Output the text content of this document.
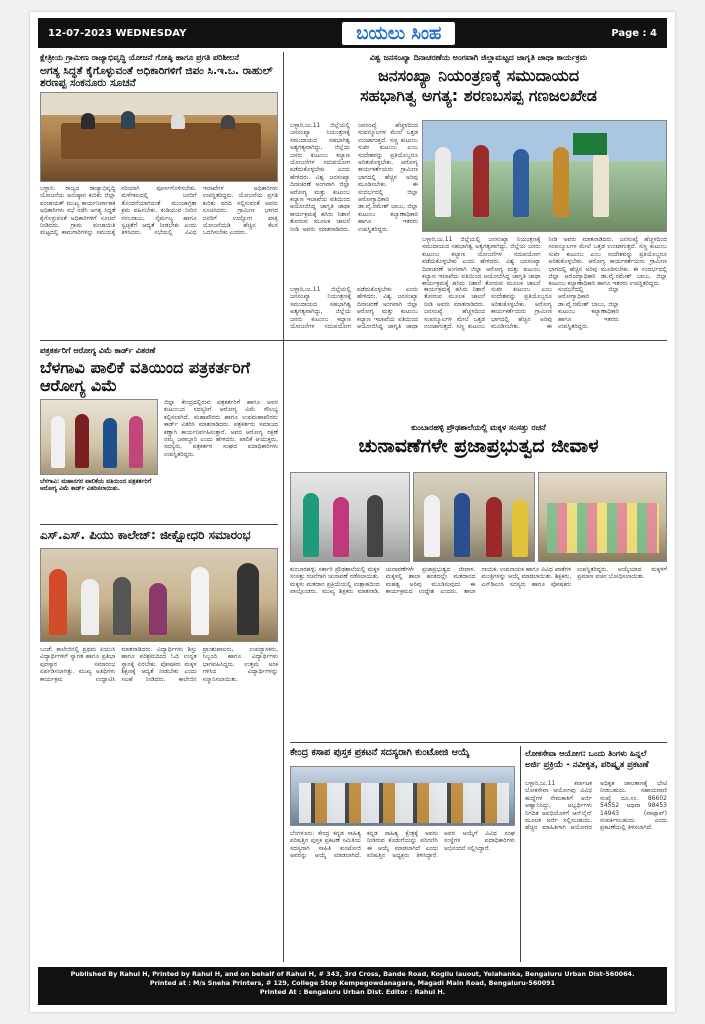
12-07-2023 WEDNESDAY	ಬಯಲು ಸಿಂಹ	Page : 4
ಕ್ಷೇತ್ರೀಯ ಗ್ರಾಮೀಣ ರಾಜ್ಯಾಭಿವೃದ್ಧಿ ಯೋಜನೆ ಗೋಷ್ಠಿ ಹಾಗೂ ಪ್ರಗತಿ ಪರಿಶೀಲನೆ
ಅಗತ್ಯ ಸಿದ್ಧತೆ ಕೈಗೊಳ್ಳುವಂತೆ ಅಧಿಕಾರಿಗಳಿಗೆ ಜಿಪಂ ಸಿ.ಇ.ಒ. ರಾಹುಲ್ ಶರಣಪ್ಪ ಸಂಕನೂರು ಸೂಚನೆ
ಬಳ್ಳಾರಿ: ರಾಜ್ಯದ ರಾಜ್ಯಾಭಿವೃದ್ಧಿ ಯೋಜನೆಯ ಅನುಷ್ಠಾನ ಕುರಿತು ಜಿಲ್ಲಾ ಪಂಚಾಯತ್ ಮುಖ್ಯ ಕಾರ್ಯನಿರ್ವಾಹಕ ಅಧಿಕಾರಿಗಳು ಸಭೆ ನಡೆಸಿ ಅಗತ್ಯ ಸಿದ್ಧತೆ ಕೈಗೊಳ್ಳುವಂತೆ ಅಧಿಕಾರಿಗಳಿಗೆ ಸೂಚನೆ ನೀಡಿದರು. ಗ್ರಾಮ ಪಂಚಾಯಿತಿ ಮಟ್ಟದಲ್ಲಿ ಕಾಮಗಾರಿಗಳನ್ನು ಸಮಯಕ್ಕೆ ಸರಿಯಾಗಿ ಪೂರ್ಣಗೊಳಿಸಬೇಕು. ಮಳೆಗಾಲದಲ್ಲಿ ಜನರಿಗೆ ತೊಂದರೆಯಾಗದಂತೆ ಮುಂಜಾಗ್ರತಾ ಕ್ರಮ ವಹಿಸಬೇಕು. ಕುಡಿಯುವ ನೀರಿನ ಸರಬರಾಜು, ನೈರ್ಮಲ್ಯ ಹಾಗೂ ಸ್ವಚ್ಛತೆಗೆ ಆದ್ಯತೆ ನೀಡಬೇಕು ಎಂದು ತಿಳಿಸಿದರು. ಸಭೆಯಲ್ಲಿ ವಿವಿಧ ಇಲಾಖೆಗಳ ಅಧಿಕಾರಿಗಳು ಉಪಸ್ಥಿತರಿದ್ದರು. ಯೋಜನೆಯ ಪ್ರಗತಿ ಕುರಿತು ವರದಿ ಸಲ್ಲಿಸುವಂತೆ ಅವರು ಸೂಚಿಸಿದರು. ಗ್ರಾಮೀಣ ಭಾಗದ ಜನರಿಗೆ ಉದ್ಯೋಗ ಖಾತ್ರಿ ಯೋಜನೆಯಡಿ ಹೆಚ್ಚಿನ ಕೆಲಸ ಒದಗಿಸಬೇಕು ಎಂದರು.
ವಿಶ್ವ ಜನಸಂಖ್ಯಾ ದಿನಾಚರಣೆಯ ಅಂಗವಾಗಿ ಜಿಲ್ಲಾಮಟ್ಟದ ಜಾಗೃತಿ ಜಾಥಾ ಕಾರ್ಯಕ್ರಮ
ಜನಸಂಖ್ಯಾ ನಿಯಂತ್ರಣಕ್ಕೆ ಸಮುದಾಯದ
ಸಹಭಾಗಿತ್ವ ಅಗತ್ಯ: ಶರಣಬಸಪ್ಪ ಗಣಜಲಖೇಡ
ಬಳ್ಳಾರಿ,ಜು.11 ಜಿಲ್ಲೆಯಲ್ಲಿ ಜನಸಂಖ್ಯಾ ನಿಯಂತ್ರಣಕ್ಕೆ ಸಮುದಾಯದ ಸಹಭಾಗಿತ್ವ ಅತ್ಯಗತ್ಯವಾಗಿದ್ದು, ಜಿಲ್ಲೆಯ ಜನರು ಕುಟುಂಬ ಕಲ್ಯಾಣ ಯೋಜನೆಗಳ ಸದುಪಯೋಗ ಪಡೆದುಕೊಳ್ಳಬೇಕು ಎಂದು ಹೇಳಿದರು. ವಿಶ್ವ ಜನಸಂಖ್ಯಾ ದಿನಾಚರಣೆ ಅಂಗವಾಗಿ ಜಿಲ್ಲಾ ಆರೋಗ್ಯ ಮತ್ತು ಕುಟುಂಬ ಕಲ್ಯಾಣ ಇಲಾಖೆಯ ವತಿಯಿಂದ ಆಯೋಜಿಸಿದ್ದ ಜಾಗೃತಿ ಜಾಥಾ ಕಾರ್ಯಕ್ರಮಕ್ಕೆ ಹಸಿರು ನಿಶಾನೆ ತೋರುವ ಮೂಲಕ ಚಾಲನೆ ನೀಡಿ ಅವರು ಮಾತನಾಡಿದರು. ಜನಸಂಖ್ಯೆ ಹೆಚ್ಚಳದಿಂದ ಸಂಪನ್ಮೂಲಗಳ ಮೇಲೆ ಒತ್ತಡ ಉಂಟಾಗುತ್ತದೆ. ಸಣ್ಣ ಕುಟುಂಬ ಸುಖೀ ಕುಟುಂಬ ಎಂಬ ಸಂದೇಶವನ್ನು ಪ್ರತಿಯೊಬ್ಬರೂ ಅರಿತುಕೊಳ್ಳಬೇಕು. ಆರೋಗ್ಯ ಕಾರ್ಯಕರ್ತೆಯರು ಗ್ರಾಮೀಣ ಭಾಗದಲ್ಲಿ ಹೆಚ್ಚಿನ ಅರಿವು ಮೂಡಿಸಬೇಕು. ಈ ಸಂದರ್ಭದಲ್ಲಿ ಜಿಲ್ಲಾ ಆರೋಗ್ಯಾಧಿಕಾರಿ ಡಾ.ವೈ.ರಮೇಶ್ ಬಾಬು, ಜಿಲ್ಲಾ ಕುಟುಂಬ ಕಲ್ಯಾಣಾಧಿಕಾರಿ ಹಾಗೂ ಇತರರು ಉಪಸ್ಥಿತರಿದ್ದರು.
ಬಳ್ಳಾರಿ,ಜು.11 ಜಿಲ್ಲೆಯಲ್ಲಿ ಜನಸಂಖ್ಯಾ ನಿಯಂತ್ರಣಕ್ಕೆ ಸಮುದಾಯದ ಸಹಭಾಗಿತ್ವ ಅತ್ಯಗತ್ಯವಾಗಿದ್ದು, ಜಿಲ್ಲೆಯ ಜನರು ಕುಟುಂಬ ಕಲ್ಯಾಣ ಯೋಜನೆಗಳ ಸದುಪಯೋಗ ಪಡೆದುಕೊಳ್ಳಬೇಕು ಎಂದು ಹೇಳಿದರು. ವಿಶ್ವ ಜನಸಂಖ್ಯಾ ದಿನಾಚರಣೆ ಅಂಗವಾಗಿ ಜಿಲ್ಲಾ ಆರೋಗ್ಯ ಮತ್ತು ಕುಟುಂಬ ಕಲ್ಯಾಣ ಇಲಾಖೆಯ ವತಿಯಿಂದ ಆಯೋಜಿಸಿದ್ದ ಜಾಗೃತಿ ಜಾಥಾ ಕಾರ್ಯಕ್ರಮಕ್ಕೆ ಹಸಿರು ನಿಶಾನೆ ತೋರುವ ಮೂಲಕ ಚಾಲನೆ ನೀಡಿ ಅವರು ಮಾತನಾಡಿದರು. ಜನಸಂಖ್ಯೆ ಹೆಚ್ಚಳದಿಂದ ಸಂಪನ್ಮೂಲಗಳ ಮೇಲೆ ಒತ್ತಡ ಉಂಟಾಗುತ್ತದೆ. ಸಣ್ಣ ಕುಟುಂಬ ಸುಖೀ ಕುಟುಂಬ ಎಂಬ ಸಂದೇಶವನ್ನು ಪ್ರತಿಯೊಬ್ಬರೂ ಅರಿತುಕೊಳ್ಳಬೇಕು. ಆರೋಗ್ಯ ಕಾರ್ಯಕರ್ತೆಯರು ಗ್ರಾಮೀಣ ಭಾಗದಲ್ಲಿ ಹೆಚ್ಚಿನ ಅರಿವು ಮೂಡಿಸಬೇಕು. ಈ ಸಂದರ್ಭದಲ್ಲಿ ಜಿಲ್ಲಾ ಆರೋಗ್ಯಾಧಿಕಾರಿ ಡಾ.ವೈ.ರಮೇಶ್ ಬಾಬು, ಜಿಲ್ಲಾ ಕುಟುಂಬ ಕಲ್ಯಾಣಾಧಿಕಾರಿ ಹಾಗೂ ಇತರರು ಉಪಸ್ಥಿತರಿದ್ದರು.
ಬಳ್ಳಾರಿ,ಜು.11 ಜಿಲ್ಲೆಯಲ್ಲಿ ಜನಸಂಖ್ಯಾ ನಿಯಂತ್ರಣಕ್ಕೆ ಸಮುದಾಯದ ಸಹಭಾಗಿತ್ವ ಅತ್ಯಗತ್ಯವಾಗಿದ್ದು, ಜಿಲ್ಲೆಯ ಜನರು ಕುಟುಂಬ ಕಲ್ಯಾಣ ಯೋಜನೆಗಳ ಸದುಪಯೋಗ ಪಡೆದುಕೊಳ್ಳಬೇಕು ಎಂದು ಹೇಳಿದರು. ವಿಶ್ವ ಜನಸಂಖ್ಯಾ ದಿನಾಚರಣೆ ಅಂಗವಾಗಿ ಜಿಲ್ಲಾ ಆರೋಗ್ಯ ಮತ್ತು ಕುಟುಂಬ ಕಲ್ಯಾಣ ಇಲಾಖೆಯ ವತಿಯಿಂದ ಆಯೋಜಿಸಿದ್ದ ಜಾಗೃತಿ ಜಾಥಾ ಕಾರ್ಯಕ್ರಮಕ್ಕೆ ಹಸಿರು ನಿಶಾನೆ ತೋರುವ ಮೂಲಕ ಚಾಲನೆ ನೀಡಿ ಅವರು ಮಾತನಾಡಿದರು. ಜನಸಂಖ್ಯೆ ಹೆಚ್ಚಳದಿಂದ ಸಂಪನ್ಮೂಲಗಳ ಮೇಲೆ ಒತ್ತಡ ಉಂಟಾಗುತ್ತದೆ. ಸಣ್ಣ ಕುಟುಂಬ ಸುಖೀ ಕುಟುಂಬ ಎಂಬ ಸಂದೇಶವನ್ನು ಪ್ರತಿಯೊಬ್ಬರೂ ಅರಿತುಕೊಳ್ಳಬೇಕು. ಆರೋಗ್ಯ ಕಾರ್ಯಕರ್ತೆಯರು ಗ್ರಾಮೀಣ ಭಾಗದಲ್ಲಿ ಹೆಚ್ಚಿನ ಅರಿವು ಮೂಡಿಸಬೇಕು. ಈ ಸಂದರ್ಭದಲ್ಲಿ ಜಿಲ್ಲಾ ಆರೋಗ್ಯಾಧಿಕಾರಿ ಡಾ.ವೈ.ರಮೇಶ್ ಬಾಬು, ಜಿಲ್ಲಾ ಕುಟುಂಬ ಕಲ್ಯಾಣಾಧಿಕಾರಿ ಹಾಗೂ ಇತರರು ಉಪಸ್ಥಿತರಿದ್ದರು.
ಪತ್ರಕರ್ತರಿಗೆ ಆರೋಗ್ಯ ವಿಮೆ ಕಾರ್ಡ್ ವಿತರಣೆ
ಬೆಳಗಾವಿ ಪಾಲಿಕೆ ವತಿಯಿಂದ ಪತ್ರಕರ್ತರಿಗೆ ಆರೋಗ್ಯ ವಿಮೆ
ಬೆಳಗಾವಿ: ಮಹಾನಗರ ಪಾಲಿಕೆಯ ವತಿಯಿಂದ ಪತ್ರಕರ್ತರಿಗೆ ಆರೋಗ್ಯ ವಿಮೆ ಕಾರ್ಡ್ ವಿತರಿಸಲಾಯಿತು.
ಜಿಲ್ಲಾ ಕೇಂದ್ರದಲ್ಲಿರುವ ಪತ್ರಕರ್ತರಿಗೆ ಹಾಗೂ ಅವರ ಕುಟುಂಬದ ಸದಸ್ಯರಿಗೆ ಆರೋಗ್ಯ ವಿಮೆ ಸೌಲಭ್ಯ ಕಲ್ಪಿಸಲಾಗಿದೆ. ಮಹಾಪೌರರು ಹಾಗೂ ಉಪಮಹಾಪೌರರು ಕಾರ್ಡ್ ವಿತರಿಸಿ ಮಾತನಾಡಿದರು. ಪತ್ರಕರ್ತರು ಸಮಾಜದ ಕಣ್ಣಾಗಿ ಕಾರ್ಯನಿರ್ವಹಿಸುತ್ತಾರೆ. ಅವರ ಆರೋಗ್ಯ ರಕ್ಷಣೆ ನಮ್ಮ ಜವಾಬ್ದಾರಿ ಎಂದು ಹೇಳಿದರು. ಪಾಲಿಕೆ ಆಯುಕ್ತರು, ಸದಸ್ಯರು, ಪತ್ರಕರ್ತರ ಸಂಘದ ಪದಾಧಿಕಾರಿಗಳು ಉಪಸ್ಥಿತರಿದ್ದರು.
ಎಸ್.ಎಸ್. ಪಿಯು ಕಾಲೇಜ್: ಜೀಕ್ಷೋಧರಿ ಸಮಾರಂಭ
ಬಂಡೆ: ಕಾಲೇಜಿನಲ್ಲಿ ಪ್ರಥಮ ಪಿಯುಸಿ ವಿದ್ಯಾರ್ಥಿಗಳಿಗೆ ಸ್ವಾಗತ ಹಾಗೂ ಪ್ರತಿಭಾ ಪುರಸ್ಕಾರ ಸಮಾರಂಭ ಏರ್ಪಡಿಸಲಾಗಿತ್ತು. ಮುಖ್ಯ ಅತಿಥಿಗಳು ಕಾರ್ಯಕ್ರಮ ಉದ್ಘಾಟಿಸಿ ಮಾತನಾಡಿದರು. ವಿದ್ಯಾರ್ಥಿಗಳು ಶಿಸ್ತು ಹಾಗೂ ಪರಿಶ್ರಮದಿಂದ ಓದಿ ಉನ್ನತ ಸ್ಥಾನಕ್ಕೆ ಏರಬೇಕು. ಪೋಷಕರು ಮಕ್ಕಳ ಶಿಕ್ಷಣಕ್ಕೆ ಆದ್ಯತೆ ನೀಡಬೇಕು ಎಂದು ಸಲಹೆ ನೀಡಿದರು. ಕಾಲೇಜಿನ ಪ್ರಾಂಶುಪಾಲರು, ಉಪನ್ಯಾಸಕರು, ಸಿಬ್ಬಂದಿ ಹಾಗೂ ವಿದ್ಯಾರ್ಥಿಗಳು ಭಾಗವಹಿಸಿದ್ದರು. ಉತ್ತಮ ಅಂಕ ಗಳಿಸಿದ ವಿದ್ಯಾರ್ಥಿಗಳನ್ನು ಸನ್ಮಾನಿಸಲಾಯಿತು.
ಕುಂಬಾರಹಳ್ಳಿ ಪ್ರೌಢಶಾಲೆಯಲ್ಲಿ ಮಕ್ಕಳ ಸಂಸತ್ತು ರಚನೆ
ಚುನಾವಣೆಗಳೇ ಪ್ರಜಾಪ್ರಭುತ್ವದ ಜೀವಾಳ
ಕುಂಬಾರಹಳ್ಳಿ: ಸರ್ಕಾರಿ ಪ್ರೌಢಶಾಲೆಯಲ್ಲಿ ಮಕ್ಕಳ ಸಂಸತ್ತು ರಚನೆಗಾಗಿ ಚುನಾವಣೆ ನಡೆಸಲಾಯಿತು. ಮಕ್ಕಳು ಮತದಾನ ಪ್ರಕ್ರಿಯೆಯಲ್ಲಿ ಉತ್ಸಾಹದಿಂದ ಪಾಲ್ಗೊಂಡರು. ಮುಖ್ಯ ಶಿಕ್ಷಕರು ಮಾತನಾಡಿ, ಚುನಾವಣೆಗಳೇ ಪ್ರಜಾಪ್ರಭುತ್ವದ ಜೀವಾಳ. ಮಕ್ಕಳಲ್ಲಿ ಶಾಲಾ ಹಂತದಲ್ಲೇ ಮತದಾನದ ಮಹತ್ವ ಅರಿವು ಮೂಡಿಸುವುದು ಈ ಕಾರ್ಯಕ್ರಮದ ಉದ್ದೇಶ ಎಂದರು. ಶಾಲಾ ನಾಯಕ, ಉಪನಾಯಕ ಹಾಗೂ ವಿವಿಧ ಖಾತೆಗಳ ಮಂತ್ರಿಗಳನ್ನು ಆಯ್ಕೆ ಮಾಡಲಾಯಿತು. ಶಿಕ್ಷಕರು, ಎಸ್‌ಡಿಎಂಸಿ ಸದಸ್ಯರು ಹಾಗೂ ಪೋಷಕರು ಉಪಸ್ಥಿತರಿದ್ದರು. ಆಯ್ಕೆಯಾದ ಮಕ್ಕಳಿಗೆ ಪ್ರಮಾಣ ವಚನ ಬೋಧಿಸಲಾಯಿತು.
ಕೇಂದ್ರ ಕಸಾಪ ಪುಸ್ತಕ ಪ್ರಕಟನೆ ಸದಸ್ಯರಾಗಿ ಕುಂಟೋಜಿ ಆಯ್ಕೆ
ಬೆಂಗಳೂರು: ಕೇಂದ್ರ ಕನ್ನಡ ಸಾಹಿತ್ಯ ಪರಿಷತ್ತಿನ ಪುಸ್ತಕ ಪ್ರಕಟಣೆ ಸಮಿತಿಯ ಸದಸ್ಯರಾಗಿ ಸಾಹಿತಿ ಕುಂಟೋಜಿ ಅವರನ್ನು ಆಯ್ಕೆ ಮಾಡಲಾಗಿದೆ. ಕನ್ನಡ ಸಾಹಿತ್ಯ ಕ್ಷೇತ್ರಕ್ಕೆ ಅವರು ನೀಡಿರುವ ಕೊಡುಗೆಯನ್ನು ಪರಿಗಣಿಸಿ ಈ ಆಯ್ಕೆ ಮಾಡಲಾಗಿದೆ ಎಂದು ಪರಿಷತ್ತಿನ ಅಧ್ಯಕ್ಷರು ತಿಳಿಸಿದ್ದಾರೆ. ಅವರ ಆಯ್ಕೆಗೆ ವಿವಿಧ ಸಂಘ ಸಂಸ್ಥೆಗಳ ಪದಾಧಿಕಾರಿಗಳು ಅಭಿನಂದನೆ ಸಲ್ಲಿಸಿದ್ದಾರೆ.
ಲೋಕಸೇವಾ ಆಯೋಗ: ಒಂದು ತಿಂಗಳು ಹಿನ್ನಲೆ
ಅರ್ಜಿ ಪ್ರಕ್ರಿಯೆ - ನವೀಕೃತ, ಪರಿಷ್ಕೃತ ಪ್ರಕಟಣೆ
ಬಳ್ಳಾರಿ,ಜು.11 ಕರ್ನಾಟಕ ಲೋಕಸೇವಾ ಆಯೋಗವು ವಿವಿಧ ಹುದ್ದೆಗಳ ನೇಮಕಾತಿಗೆ ಅರ್ಜಿ ಆಹ್ವಾನಿಸಿದ್ದು, ಅಭ್ಯರ್ಥಿಗಳು ನಿಗದಿತ ಅವಧಿಯೊಳಗೆ ಆನ್‌ಲೈನ್ ಮೂಲಕ ಅರ್ಜಿ ಸಲ್ಲಿಸಬಹುದು. ಹೆಚ್ಚಿನ ಮಾಹಿತಿಗಾಗಿ ಆಯೋಗದ ಅಧಿಕೃತ ಜಾಲತಾಣಕ್ಕೆ ಭೇಟಿ ನೀಡಬಹುದು. ಸಹಾಯವಾಣಿ ಸಂಖ್ಯೆ ದೂ.ಸಂ. 86602 54552 ಅಥವಾ 98453 14943 (ವಾಟ್ಸಾಪ್) ಸಂಪರ್ಕಿಸಬಹುದು ಎಂದು ಪ್ರಕಟಣೆಯಲ್ಲಿ ತಿಳಿಸಲಾಗಿದೆ.
Published By Rahul H, Printed by Rahul H, and on behalf of Rahul H, # 343, 3rd Cross, Bande Road, Kogilu lauout, Yelahanka, Bengaluru Urban Dist-560064.
Printed at : M/s Sneha Printers, # 129, College Stop Kempegowdanagara, Magadi Main Road, Bengaluru-560091
Printed At : Bengaluru Urban Dist. Editor : Rahul H.
